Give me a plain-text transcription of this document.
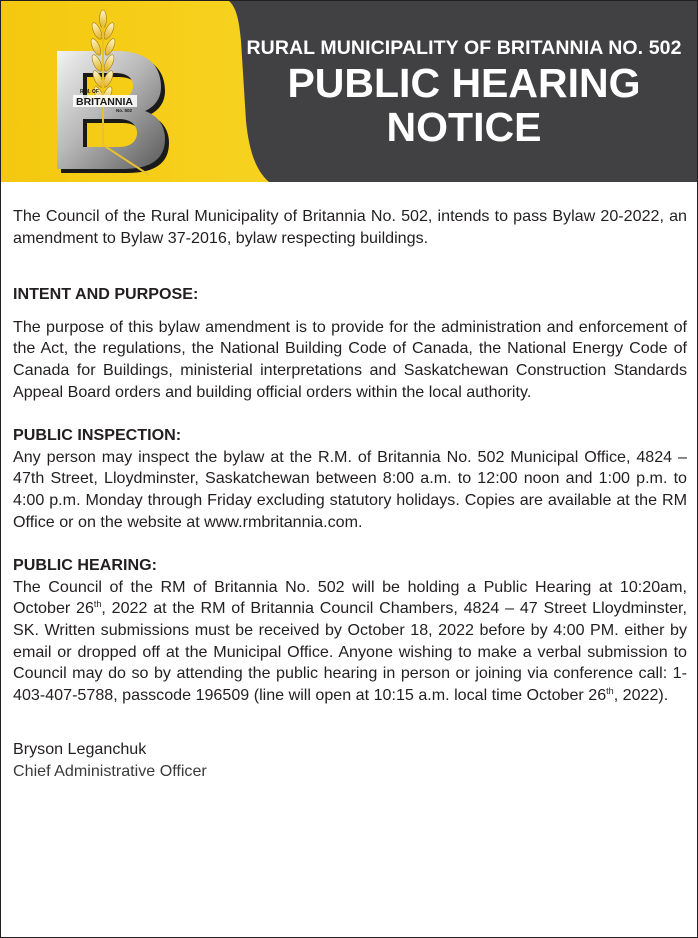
R.M. OF
BRITANNIA
No. 502
RURAL MUNICIPALITY OF BRITANNIA NO. 502
PUBLIC HEARING
NOTICE

The Council of the Rural Municipality of Britannia No. 502, intends to pass Bylaw 20-2022, an amendment to Bylaw 37-2016, bylaw respecting buildings.

INTENT AND PURPOSE:

The purpose of this bylaw amendment is to provide for the administration and enforcement of the Act, the regulations, the National Building Code of Canada, the National Energy Code of Canada for Buildings, ministerial interpretations and Saskatchewan Construction Standards Appeal Board orders and building official orders within the local authority.

PUBLIC INSPECTION:

Any person may inspect the bylaw at the R.M. of Britannia No. 502 Municipal Office, 4824 – 47th Street, Lloydminster, Saskatchewan between 8:00 a.m. to 12:00 noon and 1:00 p.m. to 4:00 p.m. Monday through Friday excluding statutory holidays. Copies are available at the RM Office or on the website at www.rmbritannia.com.

PUBLIC HEARING:

The Council of the RM of Britannia No. 502 will be holding a Public Hearing at 10:20am, October 26th, 2022 at the RM of Britannia Council Chambers, 4824 – 47 Street Lloydminster, SK. Written submissions must be received by October 18, 2022 before by 4:00 PM. either by email or dropped off at the Municipal Office. Anyone wishing to make a verbal submission to Council may do so by attending the public hearing in person or joining via conference call: 1-403-407-5788, passcode 196509 (line will open at 10:15 a.m. local time October 26th, 2022).

Bryson Leganchuk
Chief Administrative Officer
